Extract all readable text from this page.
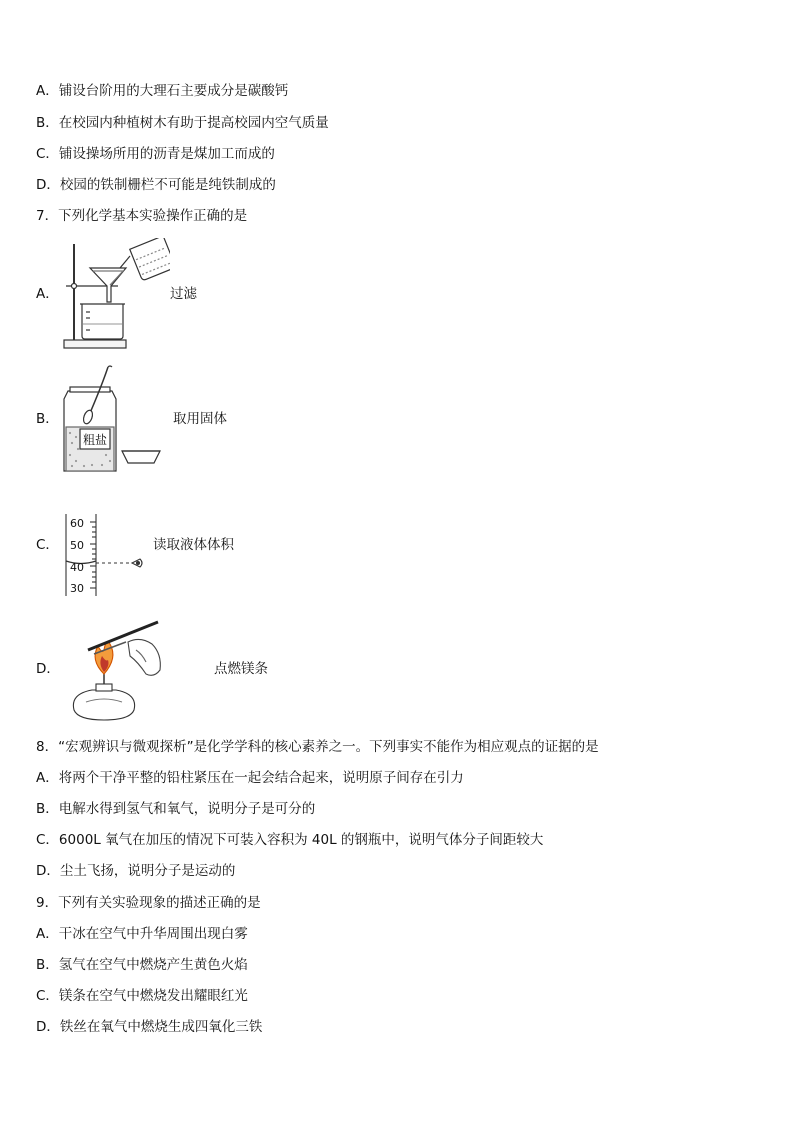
A．铺设台阶用的大理石主要成分是碳酸钙
B．在校园内种植树木有助于提高校园内空气质量
C．铺设操场所用的沥青是煤加工而成的
D．校园的铁制栅栏不可能是纯铁制成的
7．下列化学基本实验操作正确的是
A．	过滤
B．
粗盐
取用固体
C．
60
50
40
30
读取液体体积
D．	点燃镁条
8．“宏观辨识与微观探析”是化学学科的核心素养之一。下列事实不能作为相应观点的证据的是
A．将两个干净平整的铅柱紧压在一起会结合起来，说明原子间存在引力
B．电解水得到氢气和氧气，说明分子是可分的
C．6000L 氧气在加压的情况下可装入容积为 40L 的钢瓶中，说明气体分子间距较大
D．尘土飞扬，说明分子是运动的
9．下列有关实验现象的描述正确的是
A．干冰在空气中升华周围出现白雾
B．氢气在空气中燃烧产生黄色火焰
C．镁条在空气中燃烧发出耀眼红光
D．铁丝在氧气中燃烧生成四氧化三铁
